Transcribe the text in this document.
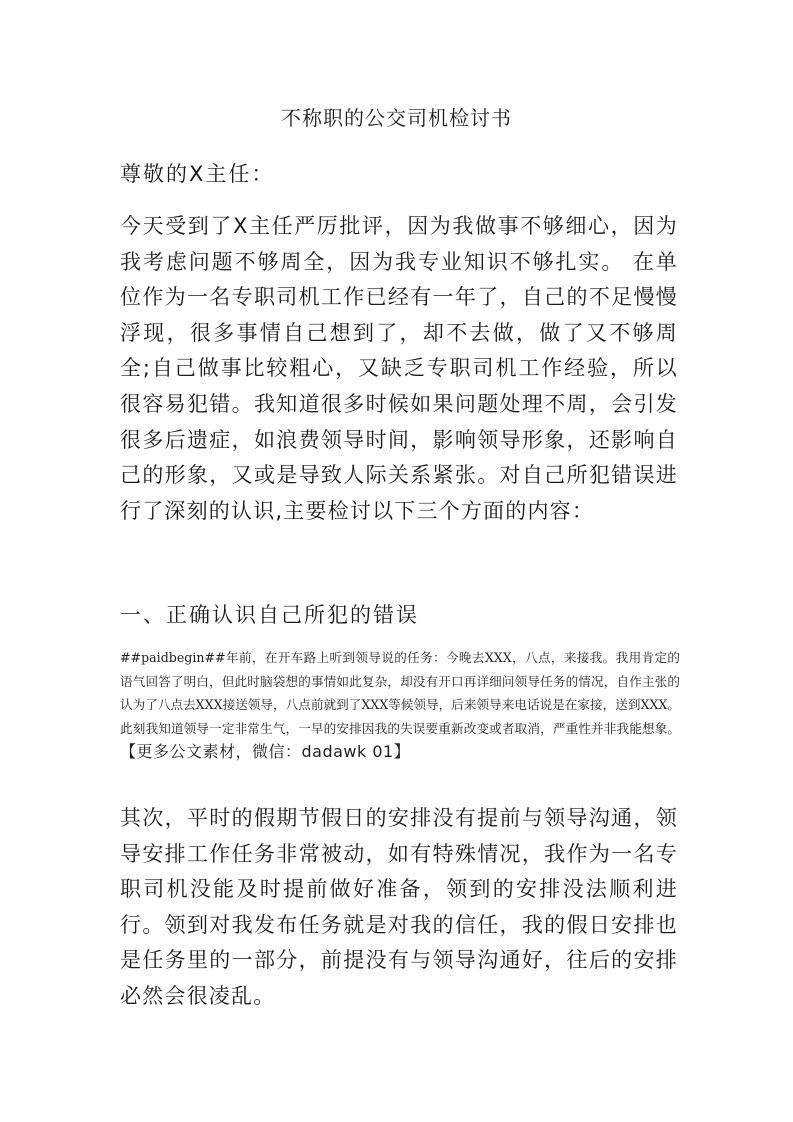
不称职的公交司机检讨书
尊敬的X主任：

今天受到了X主任严厉批评，因为我做事不够细心，因为我考虑问题不够周全，因为我专业知识不够扎实。 在单位作为一名专职司机工作已经有一年了，自己的不足慢慢浮现，很多事情自己想到了，却不去做，做了又不够周全;自己做事比较粗心，又缺乏专职司机工作经验，所以很容易犯错。我知道很多时候如果问题处理不周，会引发很多后遗症，如浪费领导时间，影响领导形象，还影响自己的形象，又或是导致人际关系紧张。对自己所犯错误进行了深刻的认识,主要检讨以下三个方面的内容：

一、正确认识自己所犯的错误

##paidbegin##年前，在开车路上听到领导说的任务：今晚去XXX，八点，来接我。我用肯定的语气回答了明白，但此时脑袋想的事情如此复杂，却没有开口再详细问领导任务的情况，自作主张的认为了八点去XXX接送领导，八点前就到了XXX等候领导，后来领导来电话说是在家接，送到XXX。此刻我知道领导一定非常生气，一早的安排因我的失误要重新改变或者取消，严重性并非我能想象。【更多公文素材，微信：dadawk 01】

其次，平时的假期节假日的安排没有提前与领导沟通，领导安排工作任务非常被动，如有特殊情况，我作为一名专职司机没能及时提前做好准备，领到的安排没法顺利进行。领到对我发布任务就是对我的信任，我的假日安排也是任务里的一部分，前提没有与领导沟通好，往后的安排必然会很凌乱。
